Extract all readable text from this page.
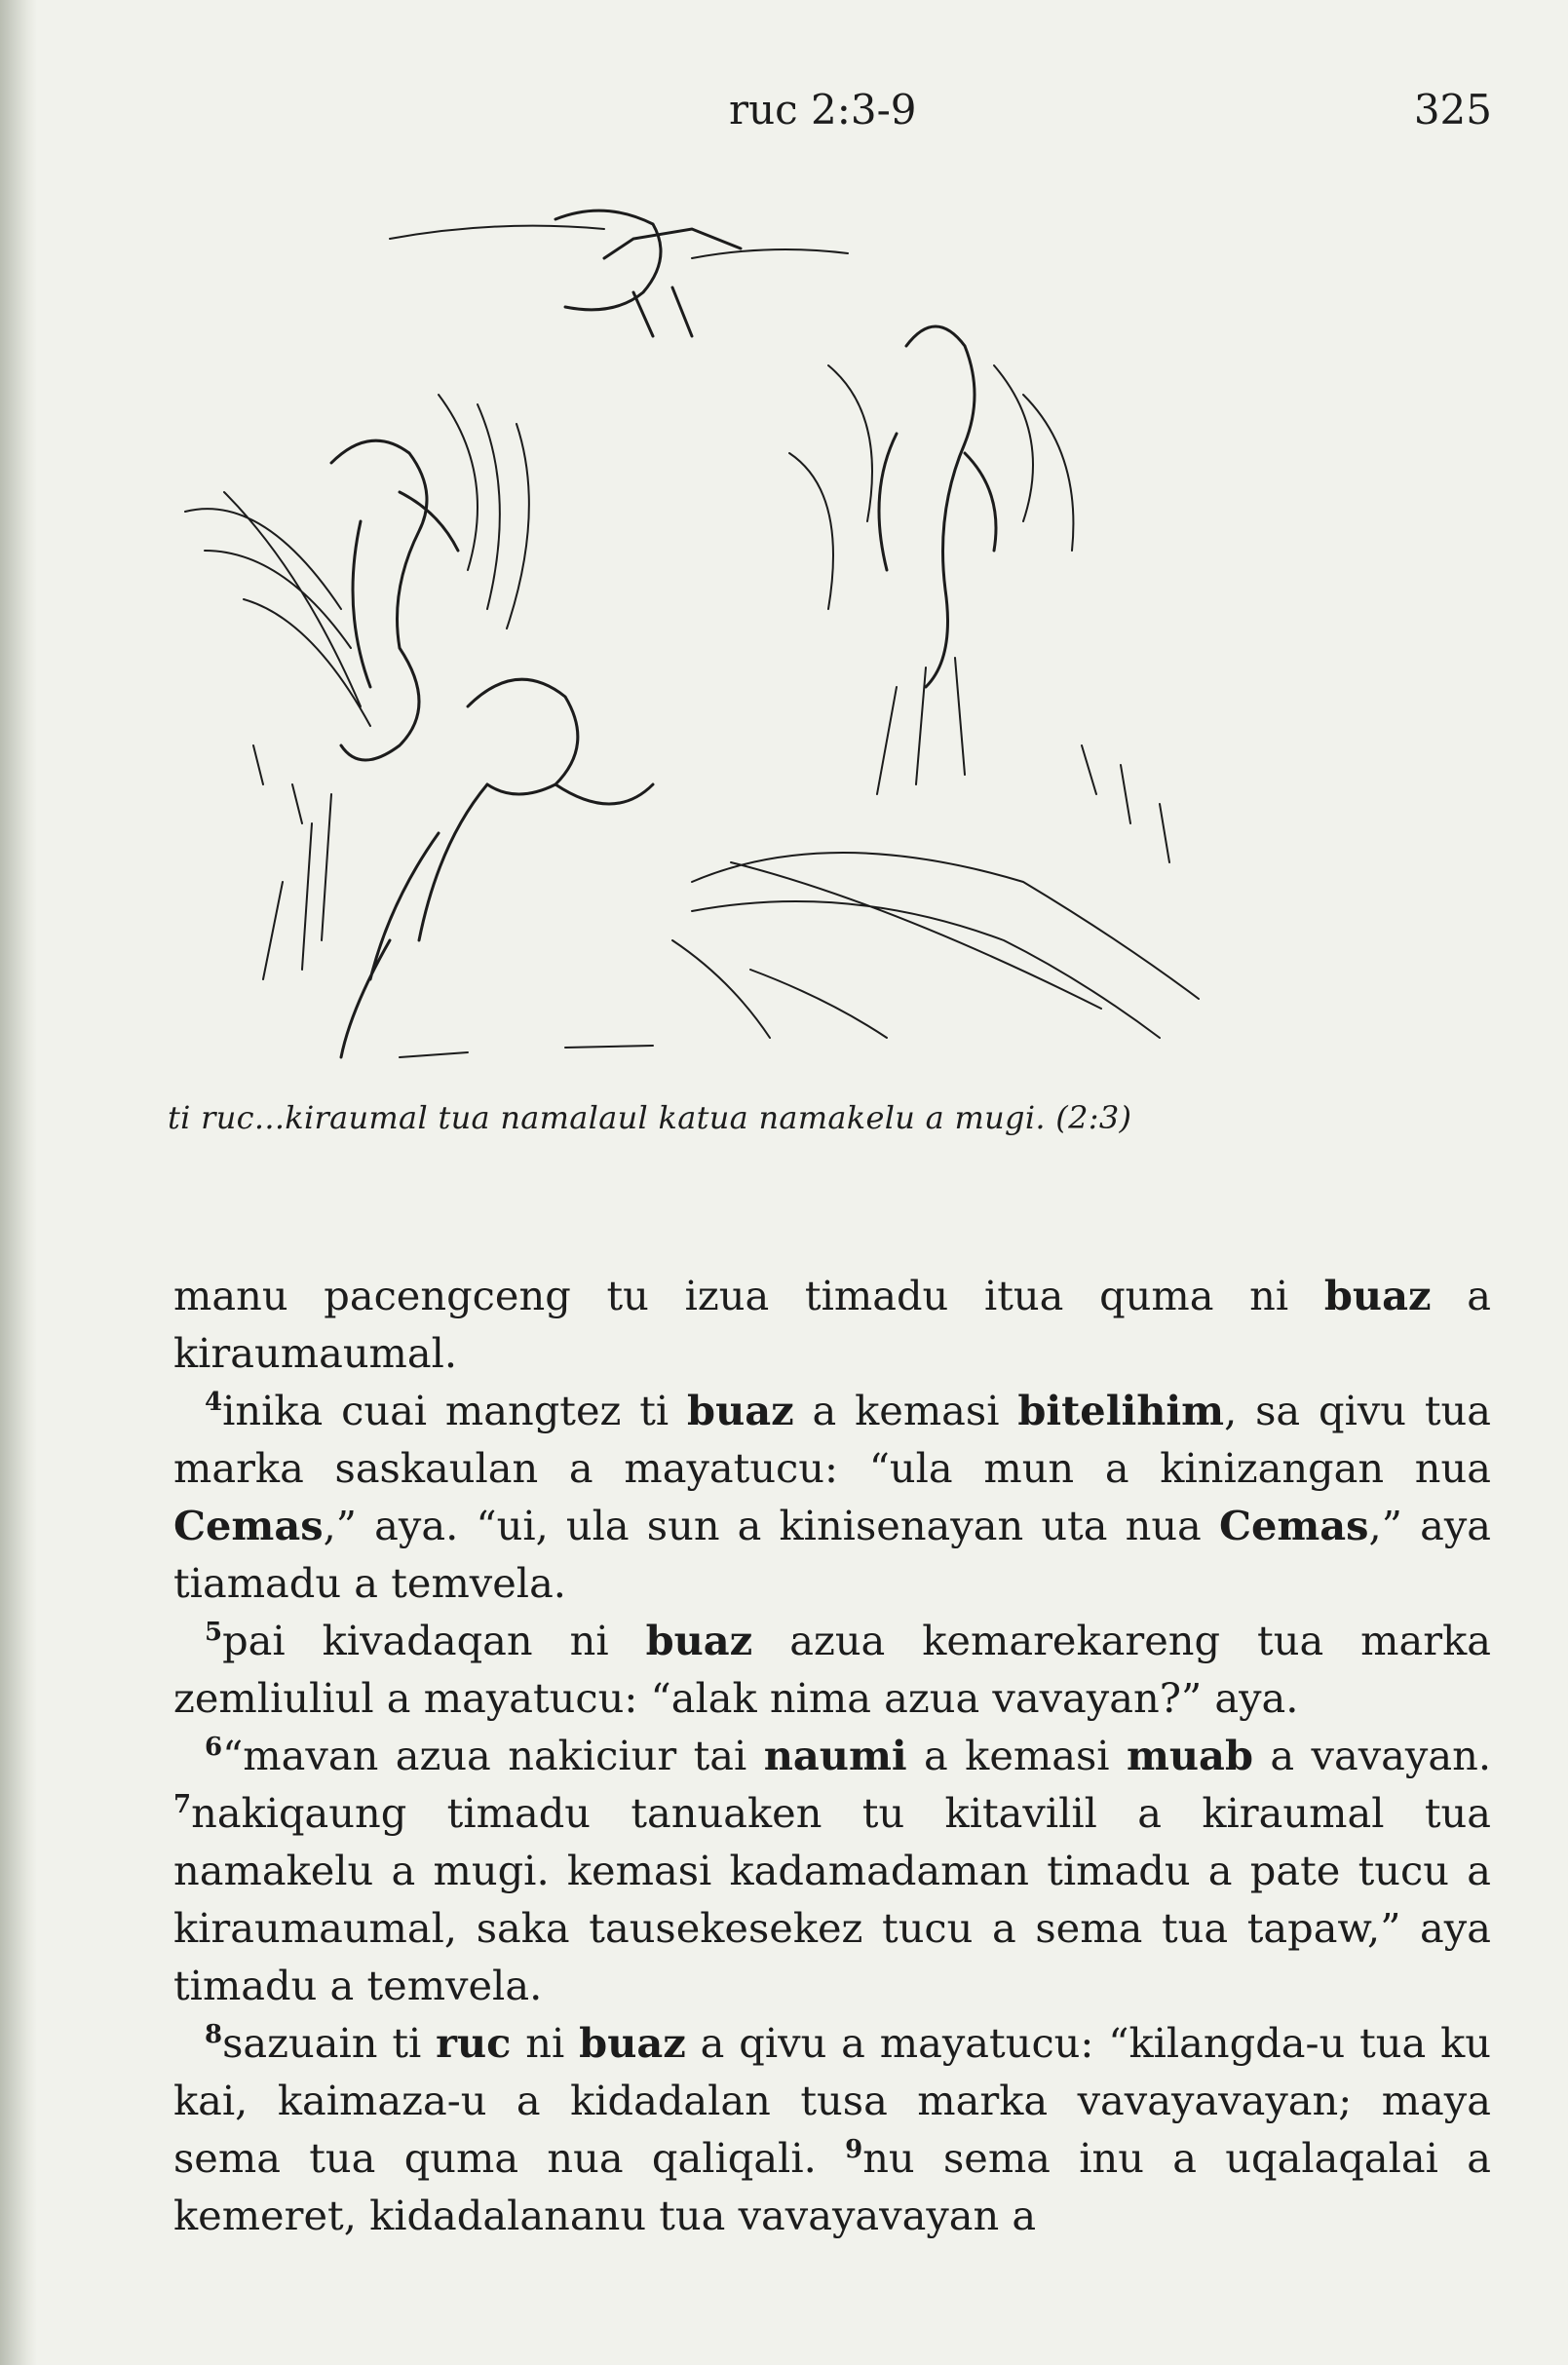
ruc 2:3-9	325
ti ruc...kiraumal tua namalaul katua namakelu a mugi. (2:3)

manu pacengceng tu izua timadu itua quma ni buaz a kiraumaumal.

$^4$inika cuai mangtez ti buaz a kemasi bitelihim, sa qivu tua marka saskaulan a mayatucu: “ula mun a kinizangan nua Cemas,” aya. “ui, ula sun a kinisenayan uta nua Cemas,” aya tiamadu a temvela.

$^5$pai kivadaqan ni buaz azua kemarekareng tua marka zemliuliul a mayatucu: “alak nima azua vavayan?” aya.

$^6$“mavan azua nakiciur tai naumi a kemasi muab a vavayan. $^7$nakiqaung timadu tanuaken tu kitavilil a kiraumal tua namakelu a mugi. kemasi kadamadaman timadu a pate tucu a kiraumaumal, saka tausekesekez tucu a sema tua tapaw,” aya timadu a temvela.

$^8$sazuain ti ruc ni buaz a qivu a mayatucu: “kilangda-u tua ku kai, kaimaza-u a kidadalan tusa marka vavayavayan; maya sema tua quma nua qaliqali. $^9$nu sema inu a uqalaqalai a kemeret, kidadalananu tua vavayavayan a
